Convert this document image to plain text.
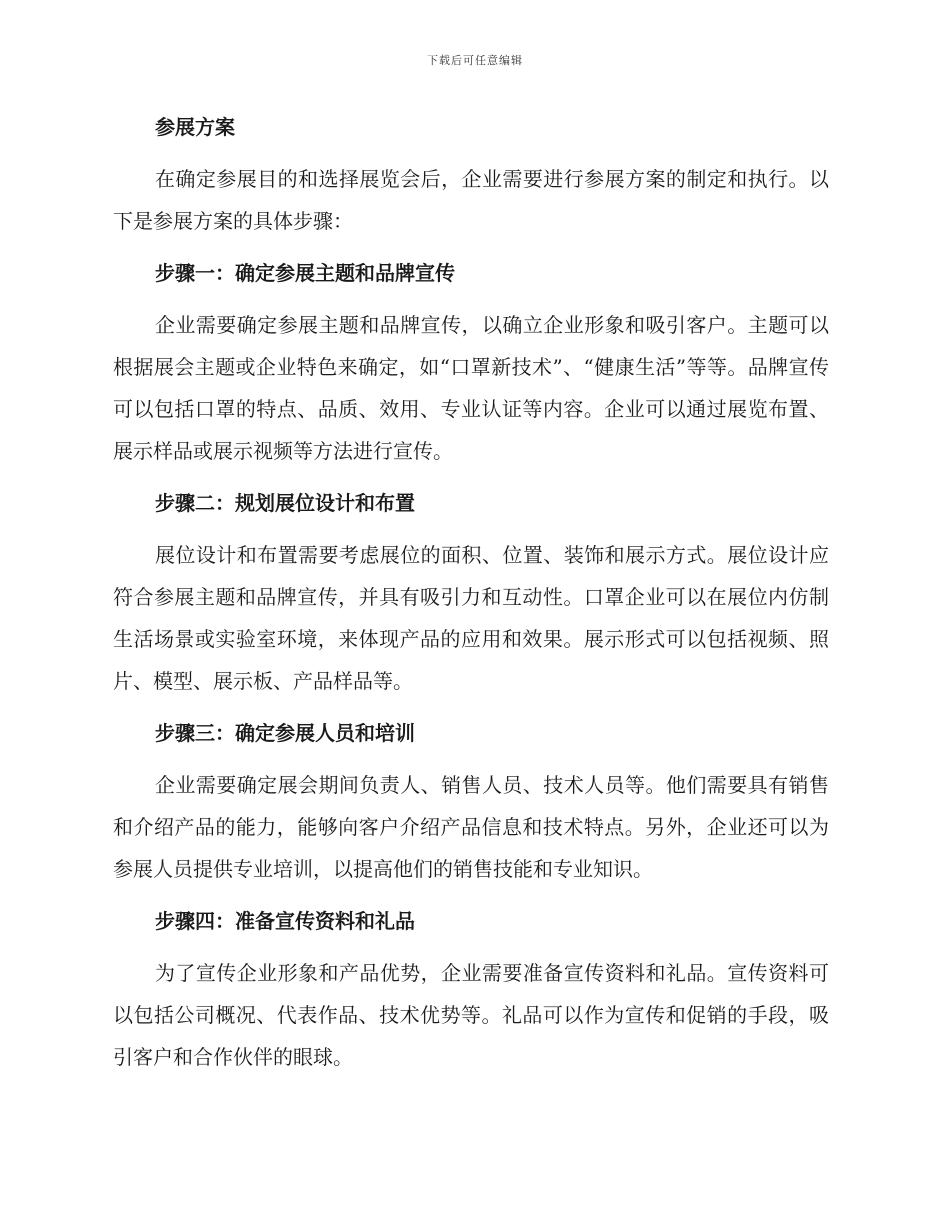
下载后可任意编辑
参展方案
在确定参展目的和选择展览会后，企业需要进行参展方案的制定和执行。以下是参展方案的具体步骤：
步骤一：确定参展主题和品牌宣传
企业需要确定参展主题和品牌宣传，以确立企业形象和吸引客户。主题可以根据展会主题或企业特色来确定，如“口罩新技术”、“健康生活”等等。品牌宣传可以包括口罩的特点、品质、效用、专业认证等内容。企业可以通过展览布置、展示样品或展示视频等方法进行宣传。
步骤二：规划展位设计和布置
展位设计和布置需要考虑展位的面积、位置、装饰和展示方式。展位设计应符合参展主题和品牌宣传，并具有吸引力和互动性。口罩企业可以在展位内仿制生活场景或实验室环境，来体现产品的应用和效果。展示形式可以包括视频、照片、模型、展示板、产品样品等。
步骤三：确定参展人员和培训
企业需要确定展会期间负责人、销售人员、技术人员等。他们需要具有销售和介绍产品的能力，能够向客户介绍产品信息和技术特点。另外，企业还可以为参展人员提供专业培训，以提高他们的销售技能和专业知识。
步骤四：准备宣传资料和礼品
为了宣传企业形象和产品优势，企业需要准备宣传资料和礼品。宣传资料可以包括公司概况、代表作品、技术优势等。礼品可以作为宣传和促销的手段，吸引客户和合作伙伴的眼球。
